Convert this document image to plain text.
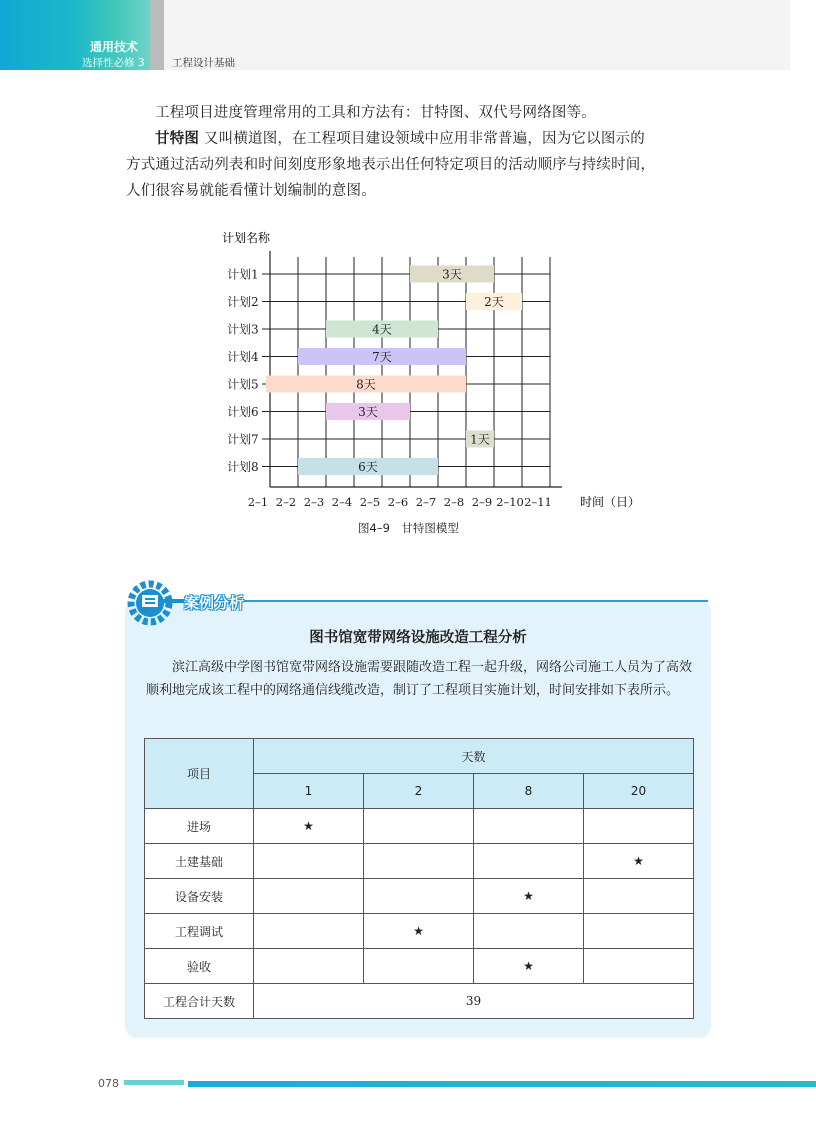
通用技术
选择性必修 3	工程设计基础
工程项目进度管理常用的工具和方法有：甘特图、双代号网络图等。
甘特图 又叫横道图，在工程项目建设领域中应用非常普遍，因为它以图示的
方式通过活动列表和时间刻度形象地表示出任何特定项目的活动顺序与持续时间，
人们很容易就能看懂计划编制的意图。
3天
计划1
2天
计划2
4天
计划3
7天
计划4
8天
计划5
3天
计划6
1天
计划7
6天
计划8
2–1 2–2 2–3 2–4 2–5 2–6 2–7 2–8 2–9 2–10 2–11
计划名称
时间（日）
图4–9　甘特图模型
案例分析
图书馆宽带网络设施改造工程分析
滨江高级中学图书馆宽带网络设施需要跟随改造工程一起升级，网络公司施工人员为了高效顺利地完成该工程中的网络通信线缆改造，制订了工程项目实施计划，时间安排如下表所示。
项目	天数			
	1	2	8	20
进场	★			
土建基础				★
设备安装			★	
工程调试		★		
验收			★	
工程合计天数	39			
078
